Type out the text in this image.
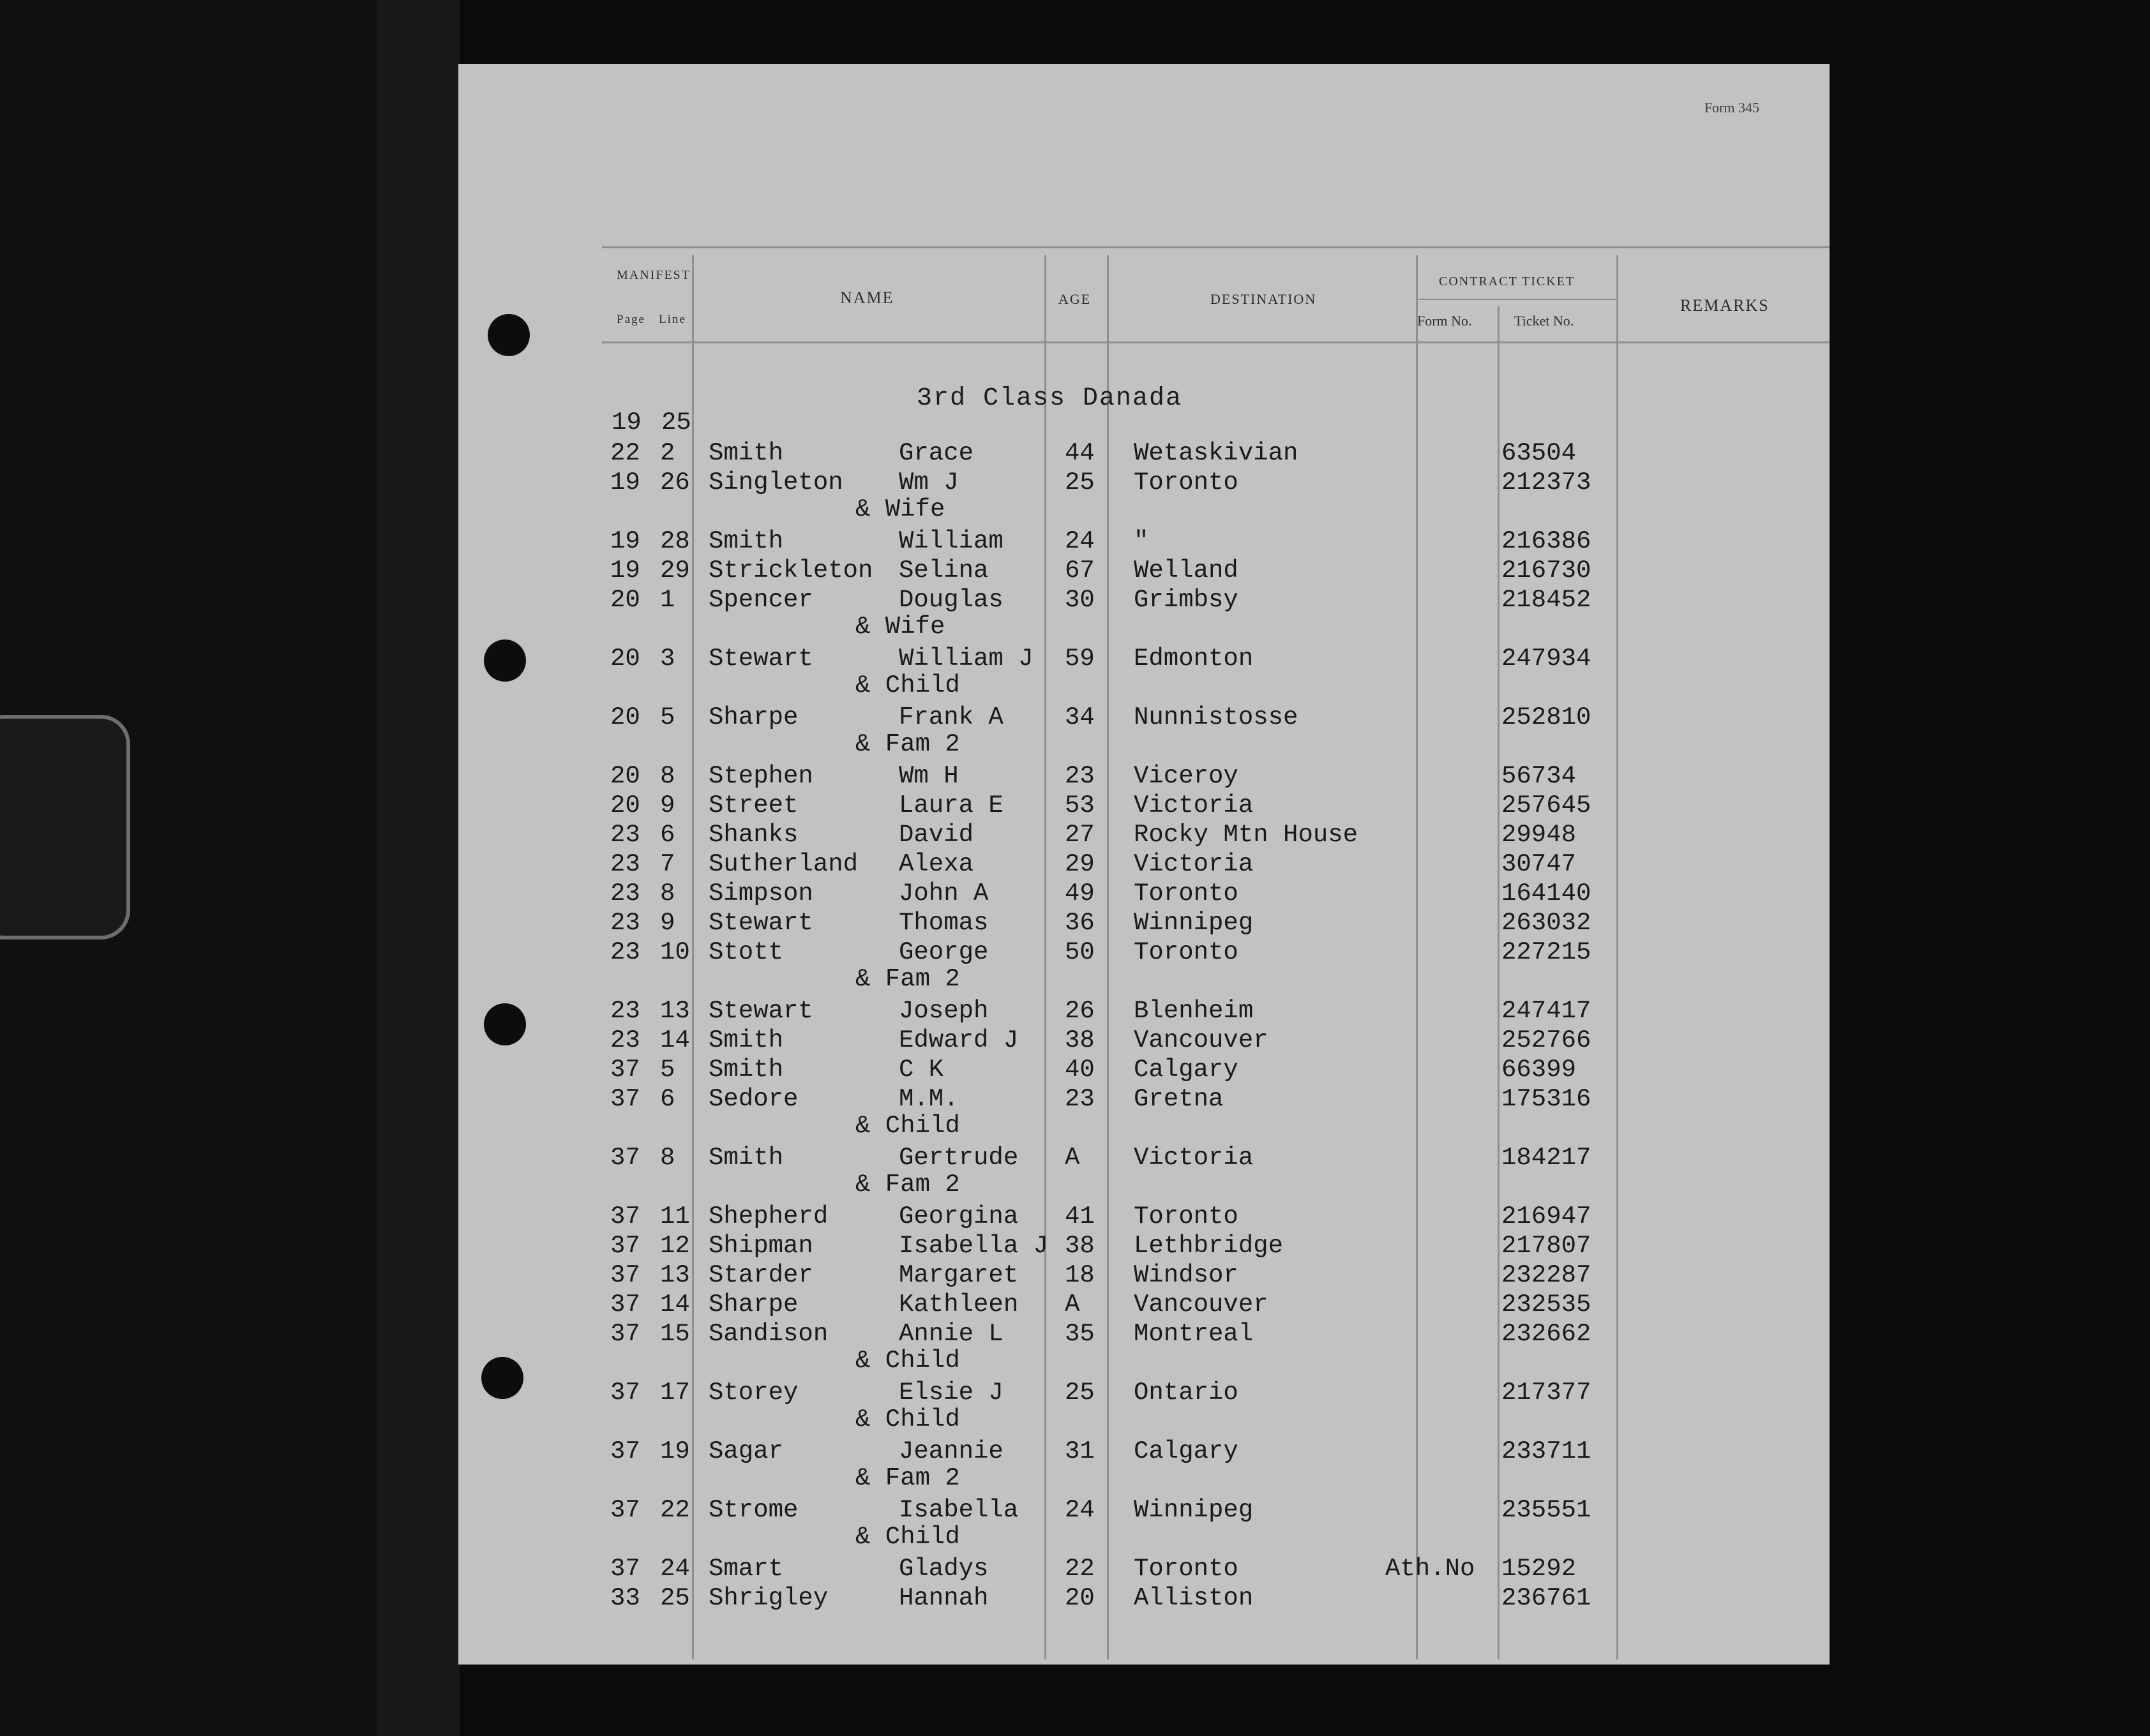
Form 345
MANIFEST
Page Line
NAME	AGE	DESTINATION
CONTRACT TICKET
Form No.	Ticket No.
REMARKS
3rd Class Danada
19 25
22 2 Smith	Grace	44 Wetaskivian	63504
19 26 Singleton Wm J	25 Toronto	212373
& Wife
19 28 Smith	William 24 "	216386
19 29 Strickleton Selina	67 Welland	216730
20 1 Spencer	Douglas 30 Grimbsy	218452
& Wife
20 3 Stewart	William J 59 Edmonton	247934
& Child
20 5 Sharpe	Frank A 34 Nunnistosse	252810
& Fam 2
20 8 Stephen	Wm H	23 Viceroy	56734
20 9 Street	Laura E 53 Victoria	257645
23 6 Shanks	David	27 Rocky Mtn House	29948
23 7 Sutherland Alexa	29 Victoria	30747
23 8 Simpson	John A	49 Toronto	164140
23 9 Stewart	Thomas	36 Winnipeg	263032
23 10 Stott	George	50 Toronto	227215
& Fam 2
23 13 Stewart	Joseph	26 Blenheim	247417
23 14 Smith	Edward J 38 Vancouver	252766
37 5 Smith	C K	40 Calgary	66399
37 6 Sedore	M.M.	23 Gretna	175316
& Child
37 8 Smith	Gertrude A Victoria	184217
& Fam 2
37 11 Shepherd	Georgina 41 Toronto	216947
37 12 Shipman	Isabella J 38 Lethbridge	217807
37 13 Starder	Margaret 18 Windsor	232287
37 14 Sharpe	Kathleen A Vancouver	232535
37 15 Sandison	Annie L 35 Montreal	232662
& Child
37 17 Storey	Elsie J 25 Ontario	217377
& Child
37 19 Sagar	Jeannie 31 Calgary	233711
& Fam 2
37 22 Strome	Isabella 24 Winnipeg	235551
& Child
37 24 Smart	Gladys	22 Toronto	Ath.No 15292
33 25 Shrigley	Hannah	20 Alliston	236761
